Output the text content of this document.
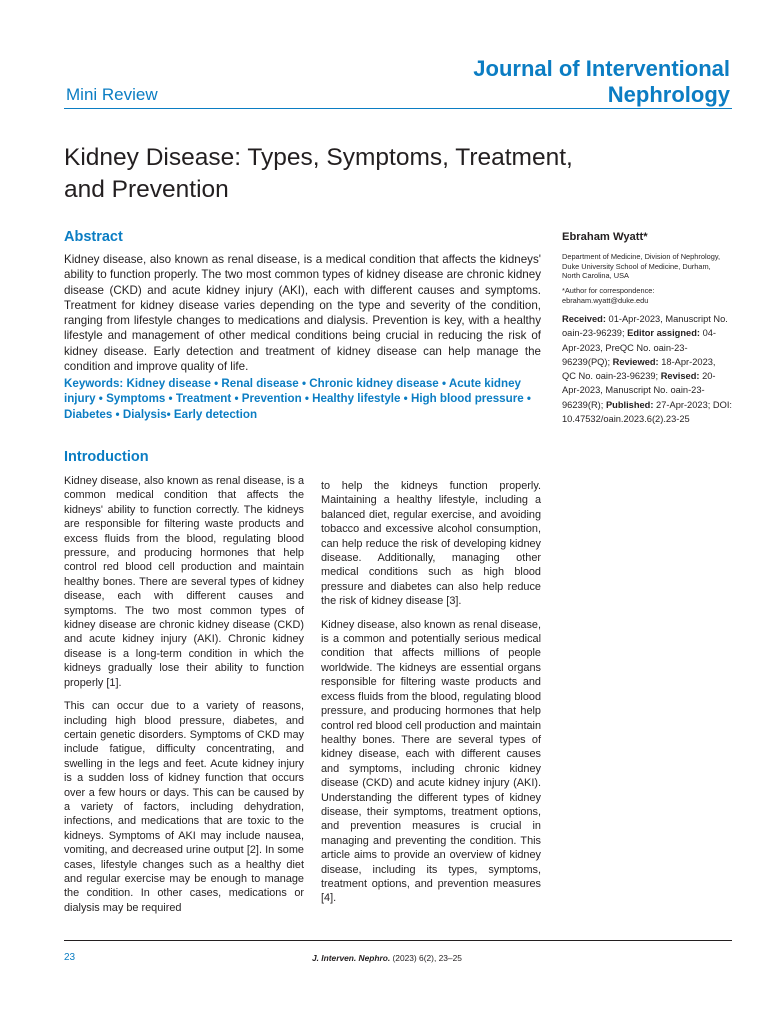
Journal of Interventional
Nephrology
Mini Review
Kidney Disease: Types, Symptoms, Treatment, and Prevention
Abstract
Kidney disease, also known as renal disease, is a medical condition that affects the kidneys' ability to function properly. The two most common types of kidney disease are chronic kidney disease (CKD) and acute kidney injury (AKI), each with different causes and symptoms. Treatment for kidney disease varies depending on the type and severity of the condition, ranging from lifestyle changes to medications and dialysis. Prevention is key, with a healthy lifestyle and management of other medical conditions being crucial in reducing the risk of kidney disease. Early detection and treatment of kidney disease can help manage the condition and improve quality of life.
Keywords: Kidney disease • Renal disease • Chronic kidney disease • Acute kidney injury • Symptoms • Treatment • Prevention • Healthy lifestyle • High blood pressure • Diabetes • Dialysis• Early detection
Ebraham Wyatt*
Department of Medicine, Division of Nephrology, Duke University School of Medicine, Durham, North Carolina, USA
*Author for correspondence:
ebraham.wyatt@duke.edu
Received: 01-Apr-2023, Manuscript No. oain-23-96239; Editor assigned: 04-Apr-2023, PreQC No. oain-23-96239(PQ); Reviewed: 18-Apr-2023, QC No. oain-23-96239; Revised: 20-Apr-2023, Manuscript No. oain-23-96239(R); Published: 27-Apr-2023; DOI: 10.47532/oain.2023.6(2).23-25
Introduction

Kidney disease, also known as renal disease, is a common medical condition that affects the kidneys' ability to function correctly. The kidneys are responsible for filtering waste products and excess fluids from the blood, regulating blood pressure, and producing hormones that help control red blood cell production and maintain healthy bones. There are several types of kidney disease, each with different causes and symptoms. The two most common types of kidney disease are chronic kidney disease (CKD) and acute kidney injury (AKI). Chronic kidney disease is a long-term condition in which the kidneys gradually lose their ability to function properly [1].

This can occur due to a variety of reasons, including high blood pressure, diabetes, and certain genetic disorders. Symptoms of CKD may include fatigue, difficulty concentrating, and swelling in the legs and feet. Acute kidney injury is a sudden loss of kidney function that occurs over a few hours or days. This can be caused by a variety of factors, including dehydration, infections, and medications that are toxic to the kidneys. Symptoms of AKI may include nausea, vomiting, and decreased urine output [2]. In some cases, lifestyle changes such as a healthy diet and regular exercise may be enough to manage the condition. In other cases, medications or dialysis may be required

to help the kidneys function properly. Maintaining a healthy lifestyle, including a balanced diet, regular exercise, and avoiding tobacco and excessive alcohol consumption, can help reduce the risk of developing kidney disease. Additionally, managing other medical conditions such as high blood pressure and diabetes can also help reduce the risk of kidney disease [3].

Kidney disease, also known as renal disease, is a common and potentially serious medical condition that affects millions of people worldwide. The kidneys are essential organs responsible for filtering waste products and excess fluids from the blood, regulating blood pressure, and producing hormones that help control red blood cell production and maintain healthy bones. There are several types of kidney disease, each with different causes and symptoms, including chronic kidney disease (CKD) and acute kidney injury (AKI). Understanding the different types of kidney disease, their symptoms, treatment options, and prevention measures is crucial in managing and preventing the condition. This article aims to provide an overview of kidney disease, including its types, symptoms, treatment options, and prevention measures [4].

23	J. Interven. Nephro. (2023) 6(2), 23–25
